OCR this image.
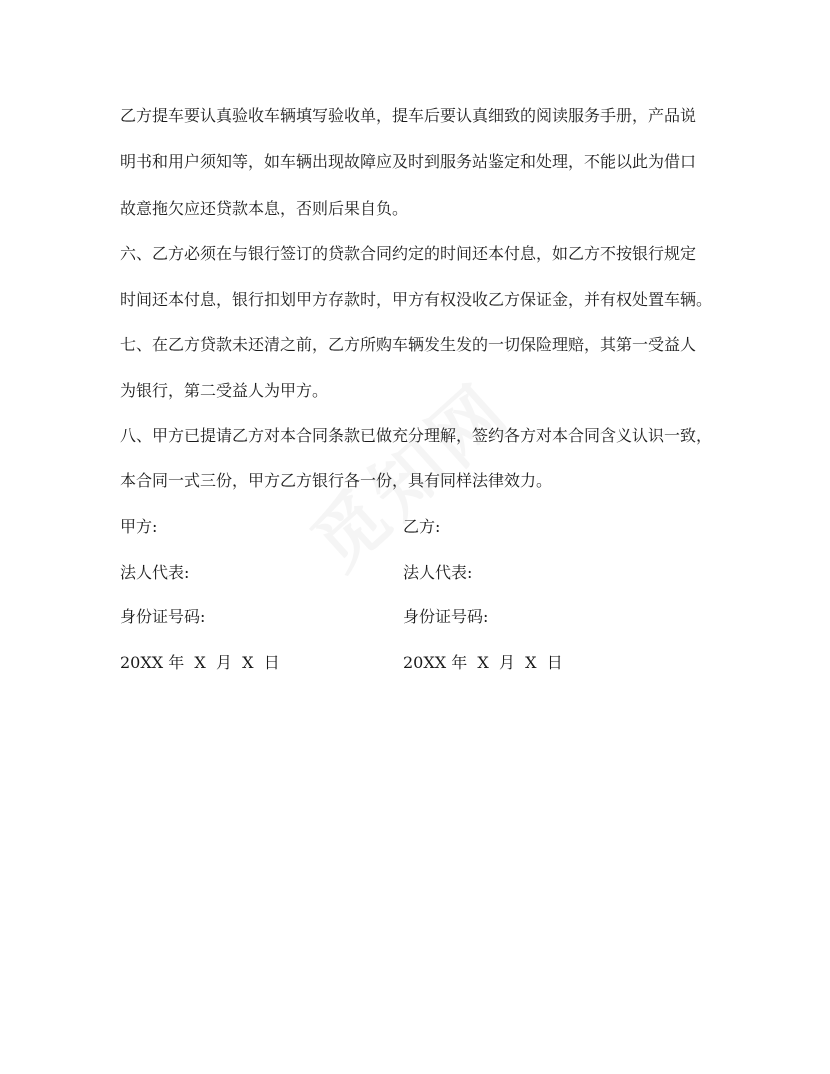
乙方提车要认真验收车辆填写验收单，提车后要认真细致的阅读服务手册，产品说
明书和用户须知等，如车辆出现故障应及时到服务站鉴定和处理，不能以此为借口
故意拖欠应还贷款本息，否则后果自负。
六、乙方必须在与银行签订的贷款合同约定的时间还本付息，如乙方不按银行规定
时间还本付息，银行扣划甲方存款时，甲方有权没收乙方保证金，并有权处置车辆。
七、在乙方贷款未还清之前，乙方所购车辆发生发的一切保险理赔，其第一受益人
为银行，第二受益人为甲方。
八、甲方已提请乙方对本合同条款已做充分理解，签约各方对本合同含义认识一致，
本合同一式三份，甲方乙方银行各一份，具有同样法律效力。
甲方:
法人代表:
身份证号码:
20XX 年  X  月  X  日
乙方:
法人代表:
身份证号码:
20XX 年  X  月  X  日
